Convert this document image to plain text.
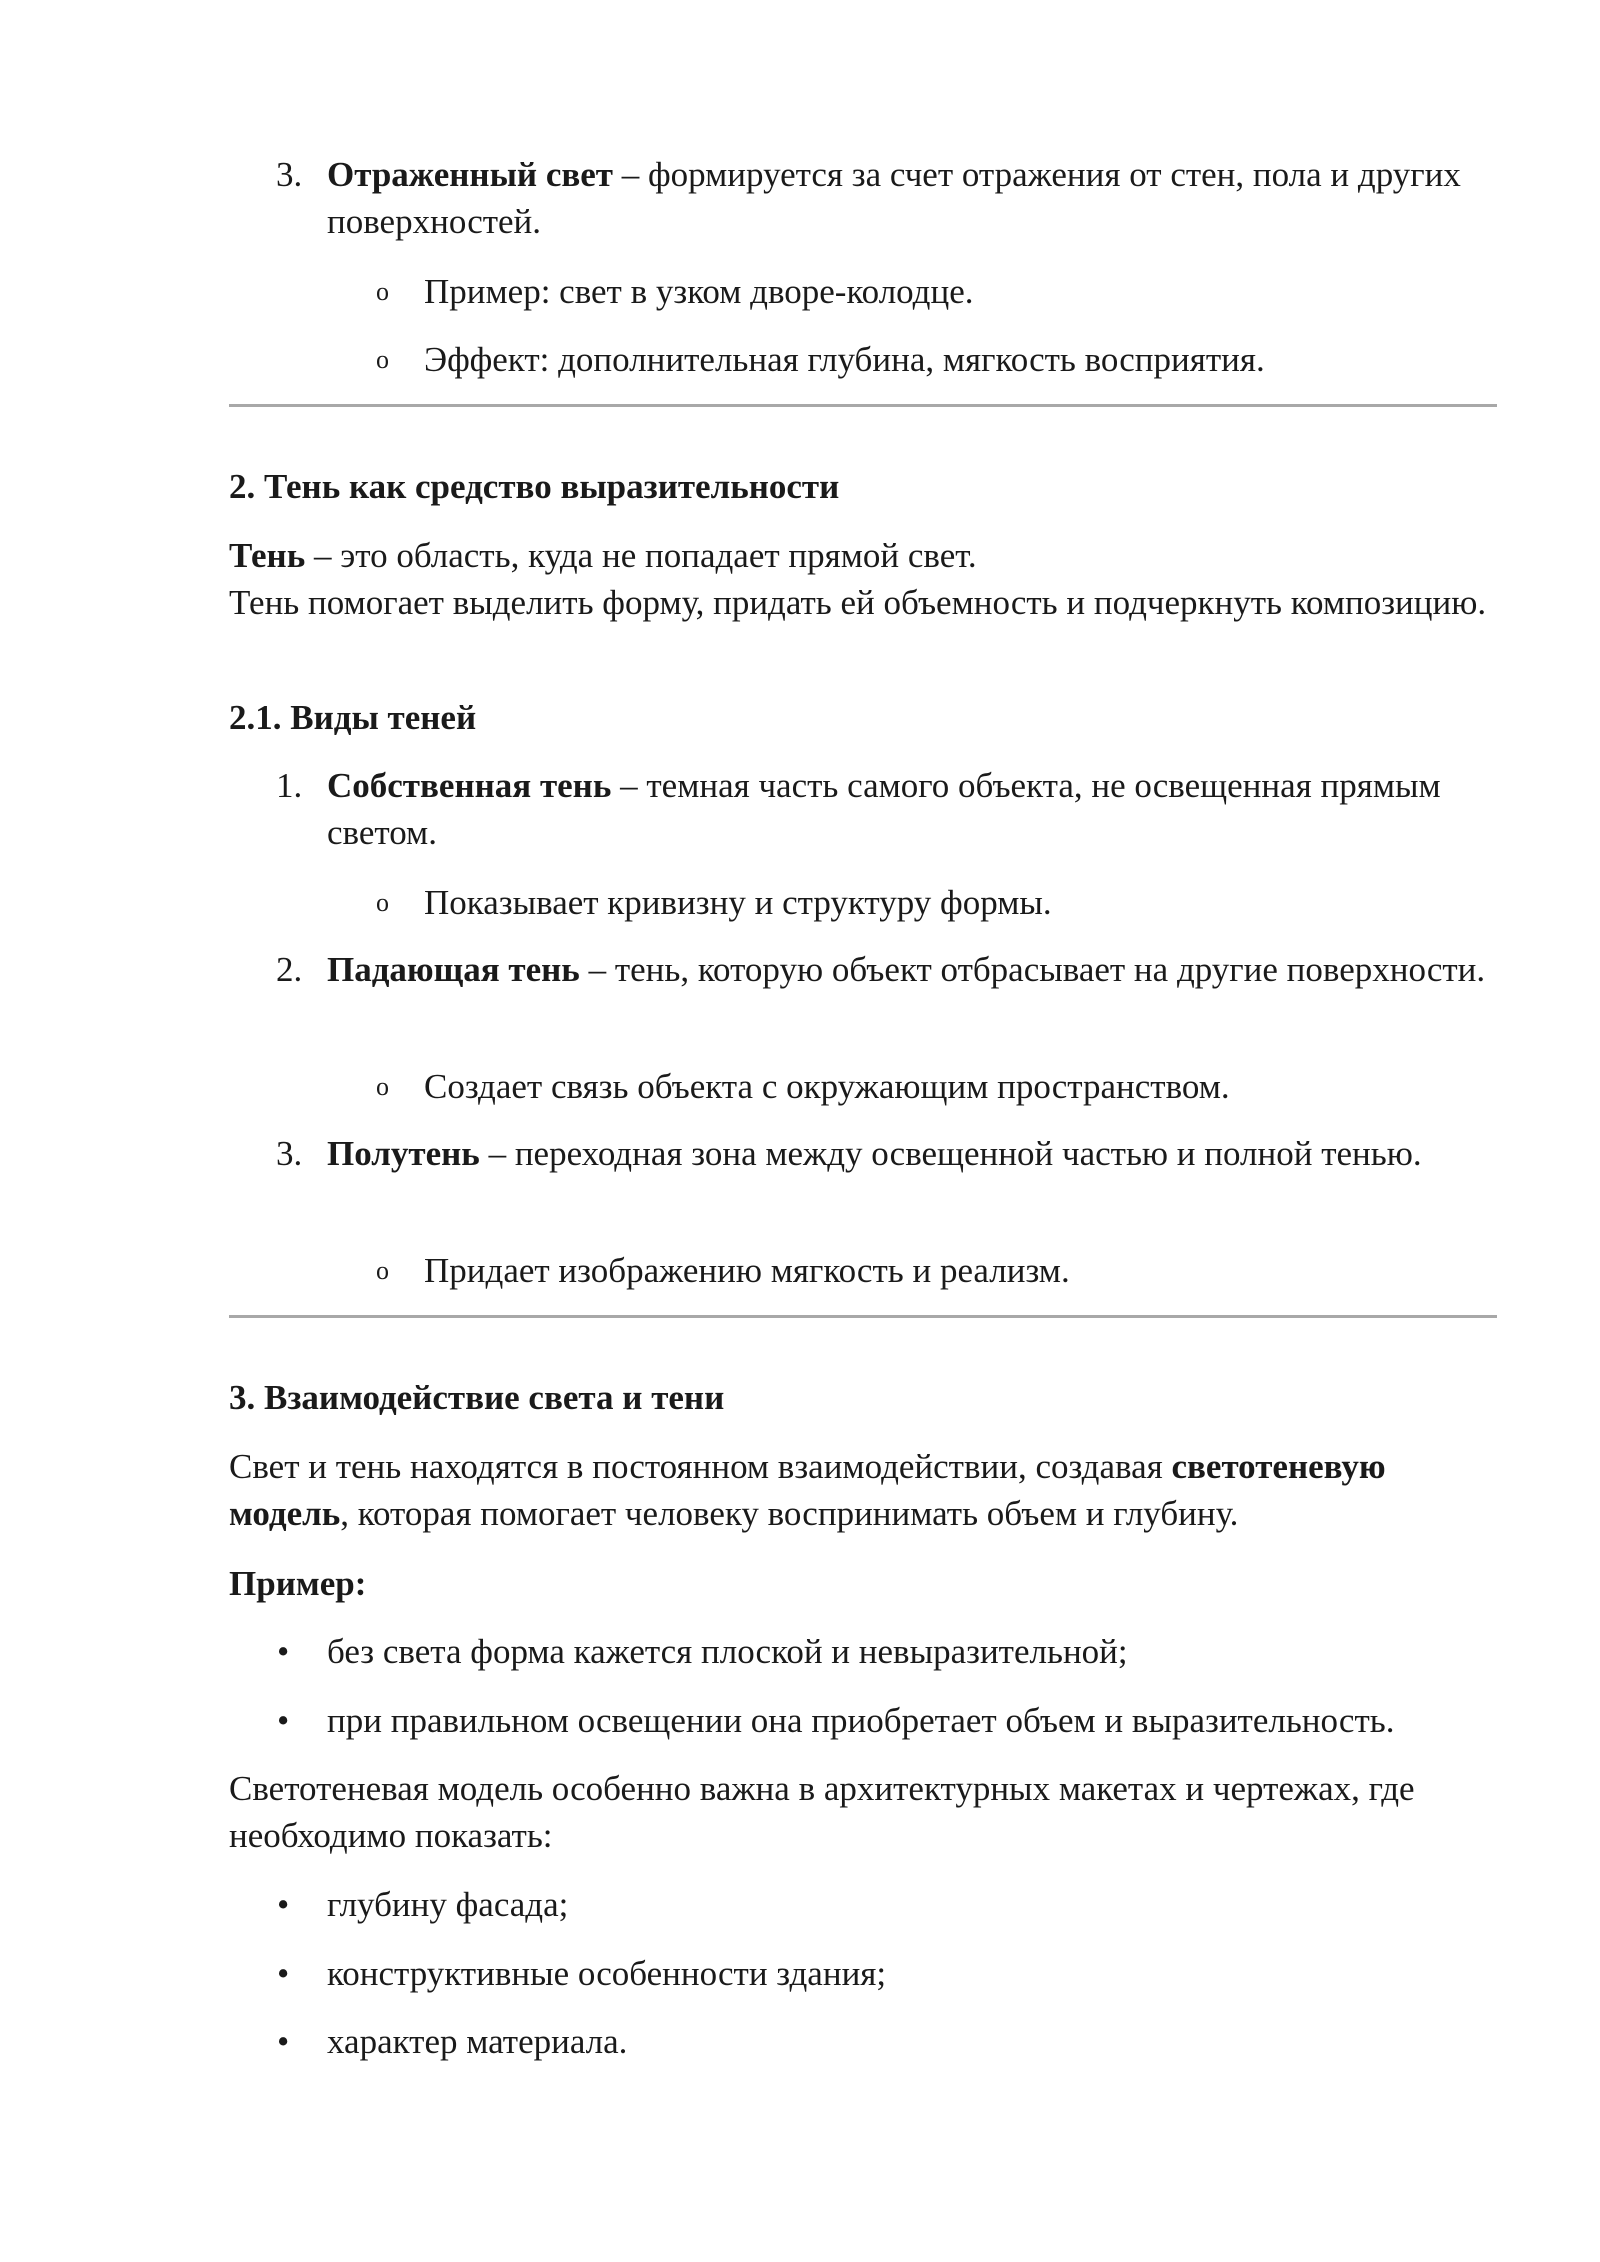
3. Отраженный свет – формируется за счет отражения от стен, пола и других поверхностей.
o Пример: свет в узком дворе-колодце.
o Эффект: дополнительная глубина, мягкость восприятия.
2. Тень как средство выразительности
Тень – это область, куда не попадает прямой свет.
Тень помогает выделить форму, придать ей объемность и подчеркнуть композицию.
2.1. Виды теней
1. Собственная тень – темная часть самого объекта, не освещенная прямым светом.
o Показывает кривизну и структуру формы.
2. Падающая тень – тень, которую объект отбрасывает на другие поверхности.
o Создает связь объекта с окружающим пространством.
3. Полутень – переходная зона между освещенной частью и полной тенью.
o Придает изображению мягкость и реализм.
3. Взаимодействие света и тени
Свет и тень находятся в постоянном взаимодействии, создавая светотеневую модель, которая помогает человеку воспринимать объем и глубину.
Пример:
• без света форма кажется плоской и невыразительной;
• при правильном освещении она приобретает объем и выразительность.
Светотеневая модель особенно важна в архитектурных макетах и чертежах, где необходимо показать:
• глубину фасада;
• конструктивные особенности здания;
• характер материала.
